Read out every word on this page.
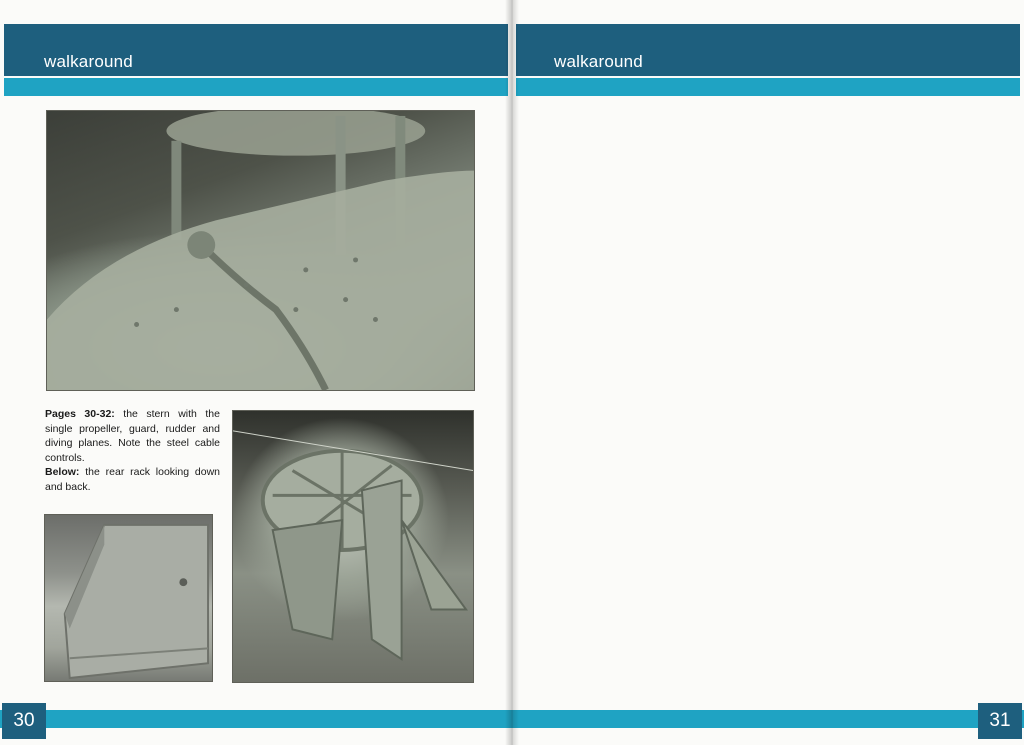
walkaround

Pages 30-32: the stern with the single propeller, guard, rudder and diving planes. Note the steel cable controls.

Below: the rear rack looking down and back.

30
walkaround
31
